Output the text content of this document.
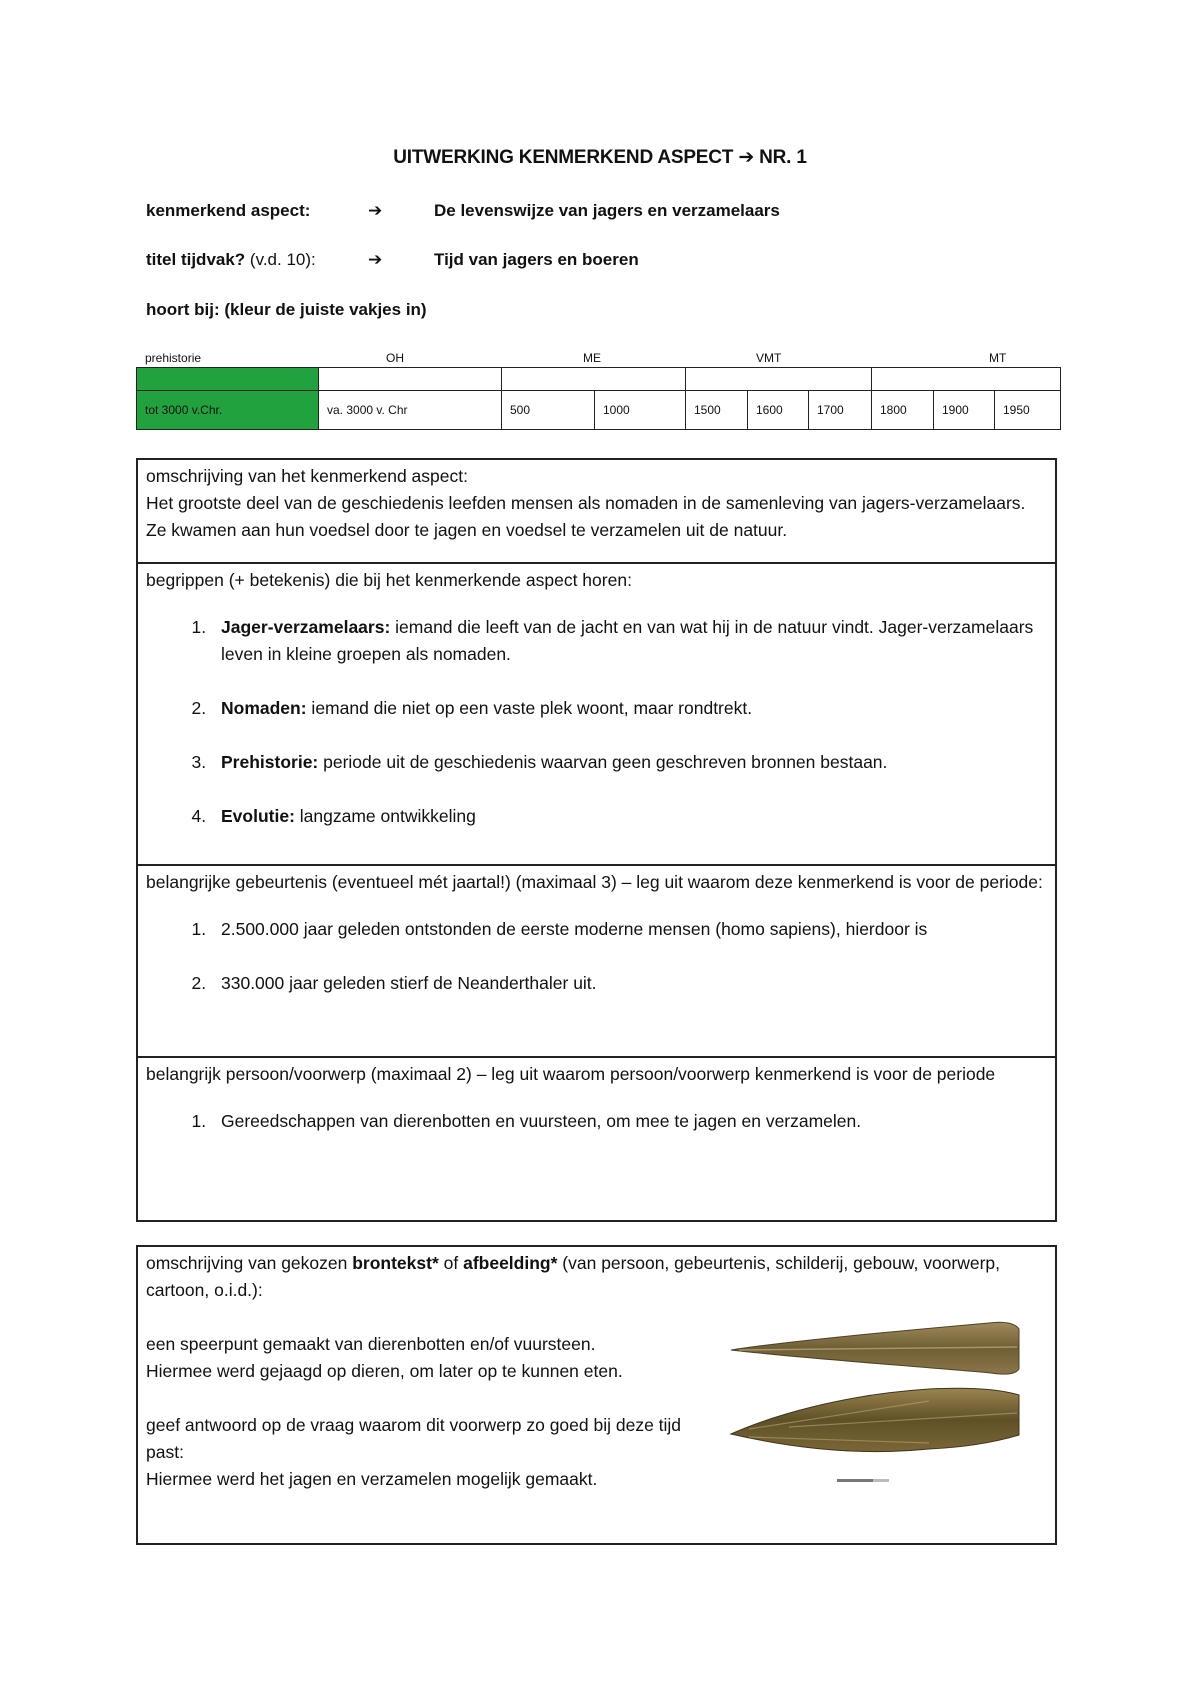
UITWERKING KENMERKEND ASPECT ➔ NR. 1
kenmerkend aspect:	➔	De levenswijze van jagers en verzamelaars
titel tijdvak? (v.d. 10):	➔	Tijd van jagers en boeren
hoort bij: (kleur de juiste vakjes in)
prehistorie	OH	ME	VMT	MT

tot 3000 v.Chr.	va. 3000 v. Chr	500	1000	1500	1600	1700	1800	1900	1950

omschrijving van het kenmerkend aspect:

Het grootste deel van de geschiedenis leefden mensen als nomaden in de samenleving van jagers-verzamelaars. Ze kwamen aan hun voedsel door te jagen en voedsel te verzamelen uit de natuur.

begrippen (+ betekenis) die bij het kenmerkende aspect horen:

1. Jager-verzamelaars: iemand die leeft van de jacht en van wat hij in de natuur vindt. Jager-verzamelaars leven in kleine groepen als nomaden.
2. Nomaden: iemand die niet op een vaste plek woont, maar rondtrekt.
3. Prehistorie: periode uit de geschiedenis waarvan geen geschreven bronnen bestaan.
4. Evolutie: langzame ontwikkeling

belangrijke gebeurtenis (eventueel mét jaartal!) (maximaal 3) – leg uit waarom deze kenmerkend is voor de periode:

1. 2.500.000 jaar geleden ontstonden de eerste moderne mensen (homo sapiens), hierdoor is
2. 330.000 jaar geleden stierf de Neanderthaler uit.

belangrijk persoon/voorwerp (maximaal 2) – leg uit waarom persoon/voorwerp kenmerkend is voor de periode

1. Gereedschappen van dierenbotten en vuursteen, om mee te jagen en verzamelen.

omschrijving van gekozen brontekst* of afbeelding* (van persoon, gebeurtenis, schilderij, gebouw, voorwerp, cartoon, o.i.d.):

een speerpunt gemaakt van dierenbotten en/of vuursteen.

Hiermee werd gejaagd op dieren, om later op te kunnen eten.

geef antwoord op de vraag waarom dit voorwerp zo goed bij deze tijd past:

Hiermee werd het jagen en verzamelen mogelijk gemaakt.
